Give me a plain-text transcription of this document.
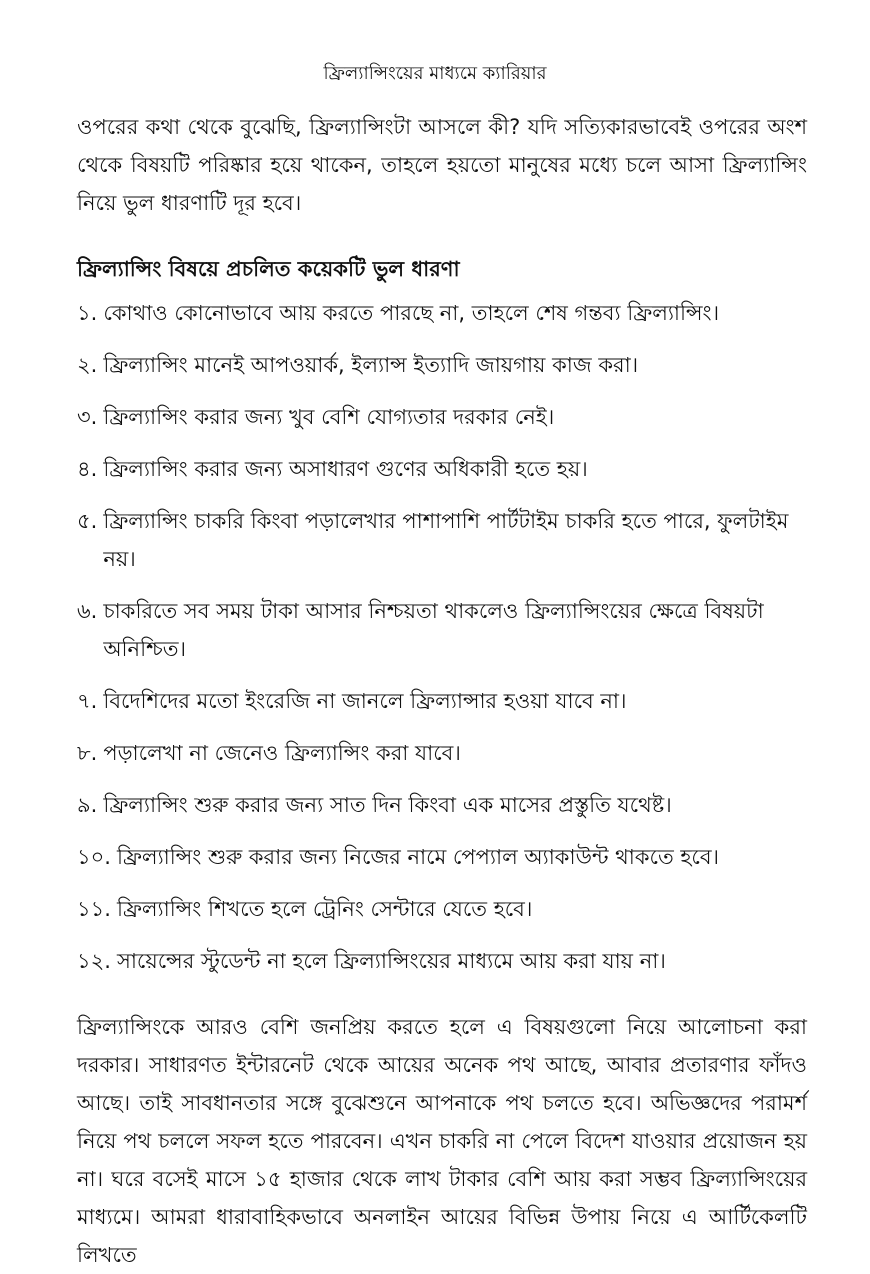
ফ্রিল্যান্সিংয়ের মাধ্যমে ক্যারিয়ার

ওপরের কথা থেকে বুঝেছি, ফ্রিল্যান্সিংটা আসলে কী? যদি সত্যিকারভাবেই ওপরের অংশ থেকে বিষয়টি পরিষ্কার হয়ে থাকেন, তাহলে হয়তো মানুষের মধ্যে চলে আসা ফ্রিল্যান্সিং নিয়ে ভুল ধারণাটি দূর হবে।

ফ্রিল্যান্সিং বিষয়ে প্রচলিত কয়েকটি ভুল ধারণা
১. কোথাও কোনোভাবে আয় করতে পারছে না, তাহলে শেষ গন্তব্য ফ্রিল্যান্সিং।
২. ফ্রিল্যান্সিং মানেই আপওয়ার্ক, ইল্যান্স ইত্যাদি জায়গায় কাজ করা।
৩. ফ্রিল্যান্সিং করার জন্য খুব বেশি যোগ্যতার দরকার নেই।
৪. ফ্রিল্যান্সিং করার জন্য অসাধারণ গুণের অধিকারী হতে হয়।
৫. ফ্রিল্যান্সিং চাকরি কিংবা পড়ালেখার পাশাপাশি পার্টটাইম চাকরি হতে পারে, ফুলটাইম নয়।
৬. চাকরিতে সব সময় টাকা আসার নিশ্চয়তা থাকলেও ফ্রিল্যান্সিংয়ের ক্ষেত্রে বিষয়টা অনিশ্চিত।
৭. বিদেশিদের মতো ইংরেজি না জানলে ফ্রিল্যান্সার হওয়া যাবে না।
৮. পড়ালেখা না জেনেও ফ্রিল্যান্সিং করা যাবে।
৯. ফ্রিল্যান্সিং শুরু করার জন্য সাত দিন কিংবা এক মাসের প্রস্তুতি যথেষ্ট।
১০. ফ্রিল্যান্সিং শুরু করার জন্য নিজের নামে পেপ্যাল অ্যাকাউন্ট থাকতে হবে।
১১. ফ্রিল্যান্সিং শিখতে হলে ট্রেনিং সেন্টারে যেতে হবে।
১২. সায়েন্সের স্টুডেন্ট না হলে ফ্রিল্যান্সিংয়ের মাধ্যমে আয় করা যায় না।

ফ্রিল্যান্সিংকে আরও বেশি জনপ্রিয় করতে হলে এ বিষয়গুলো নিয়ে আলোচনা করা দরকার। সাধারণত ইন্টারনেট থেকে আয়ের অনেক পথ আছে, আবার প্রতারণার ফাঁদও আছে। তাই সাবধানতার সঙ্গে বুঝেশুনে আপনাকে পথ চলতে হবে। অভিজ্ঞদের পরামর্শ নিয়ে পথ চললে সফল হতে পারবেন। এখন চাকরি না পেলে বিদেশ যাওয়ার প্রয়োজন হয় না। ঘরে বসেই মাসে ১৫ হাজার থেকে লাখ টাকার বেশি আয় করা সম্ভব ফ্রিল্যান্সিংয়ের মাধ্যমে। আমরা ধারাবাহিকভাবে অনলাইন আয়ের বিভিন্ন উপায় নিয়ে এ আর্টিকেলটি লিখতে
